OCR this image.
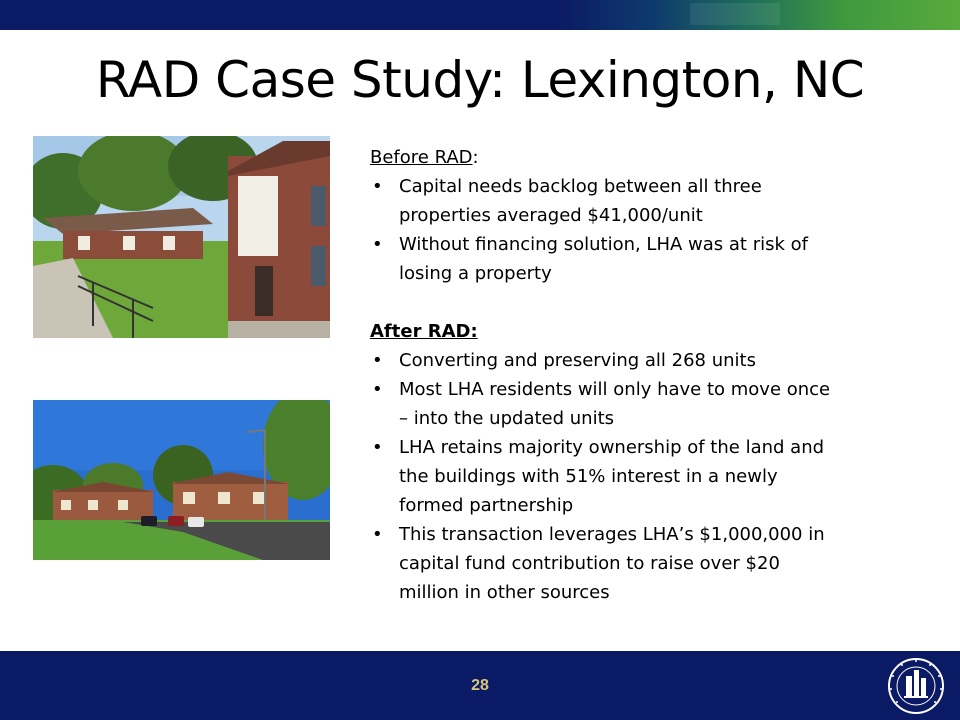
RAD Case Study: Lexington, NC
Before RAD:
• Capital needs backlog between all three properties averaged $41,000/unit
• Without financing solution, LHA was at risk of losing a property
After RAD:
• Converting and preserving all 268 units
• Most LHA residents will only have to move once – into the updated units
• LHA retains majority ownership of the land and the buildings with 51% interest in a newly formed partnership
• This transaction leverages LHA’s $1,000,000 in capital fund contribution to raise over $20 million in other sources
28
